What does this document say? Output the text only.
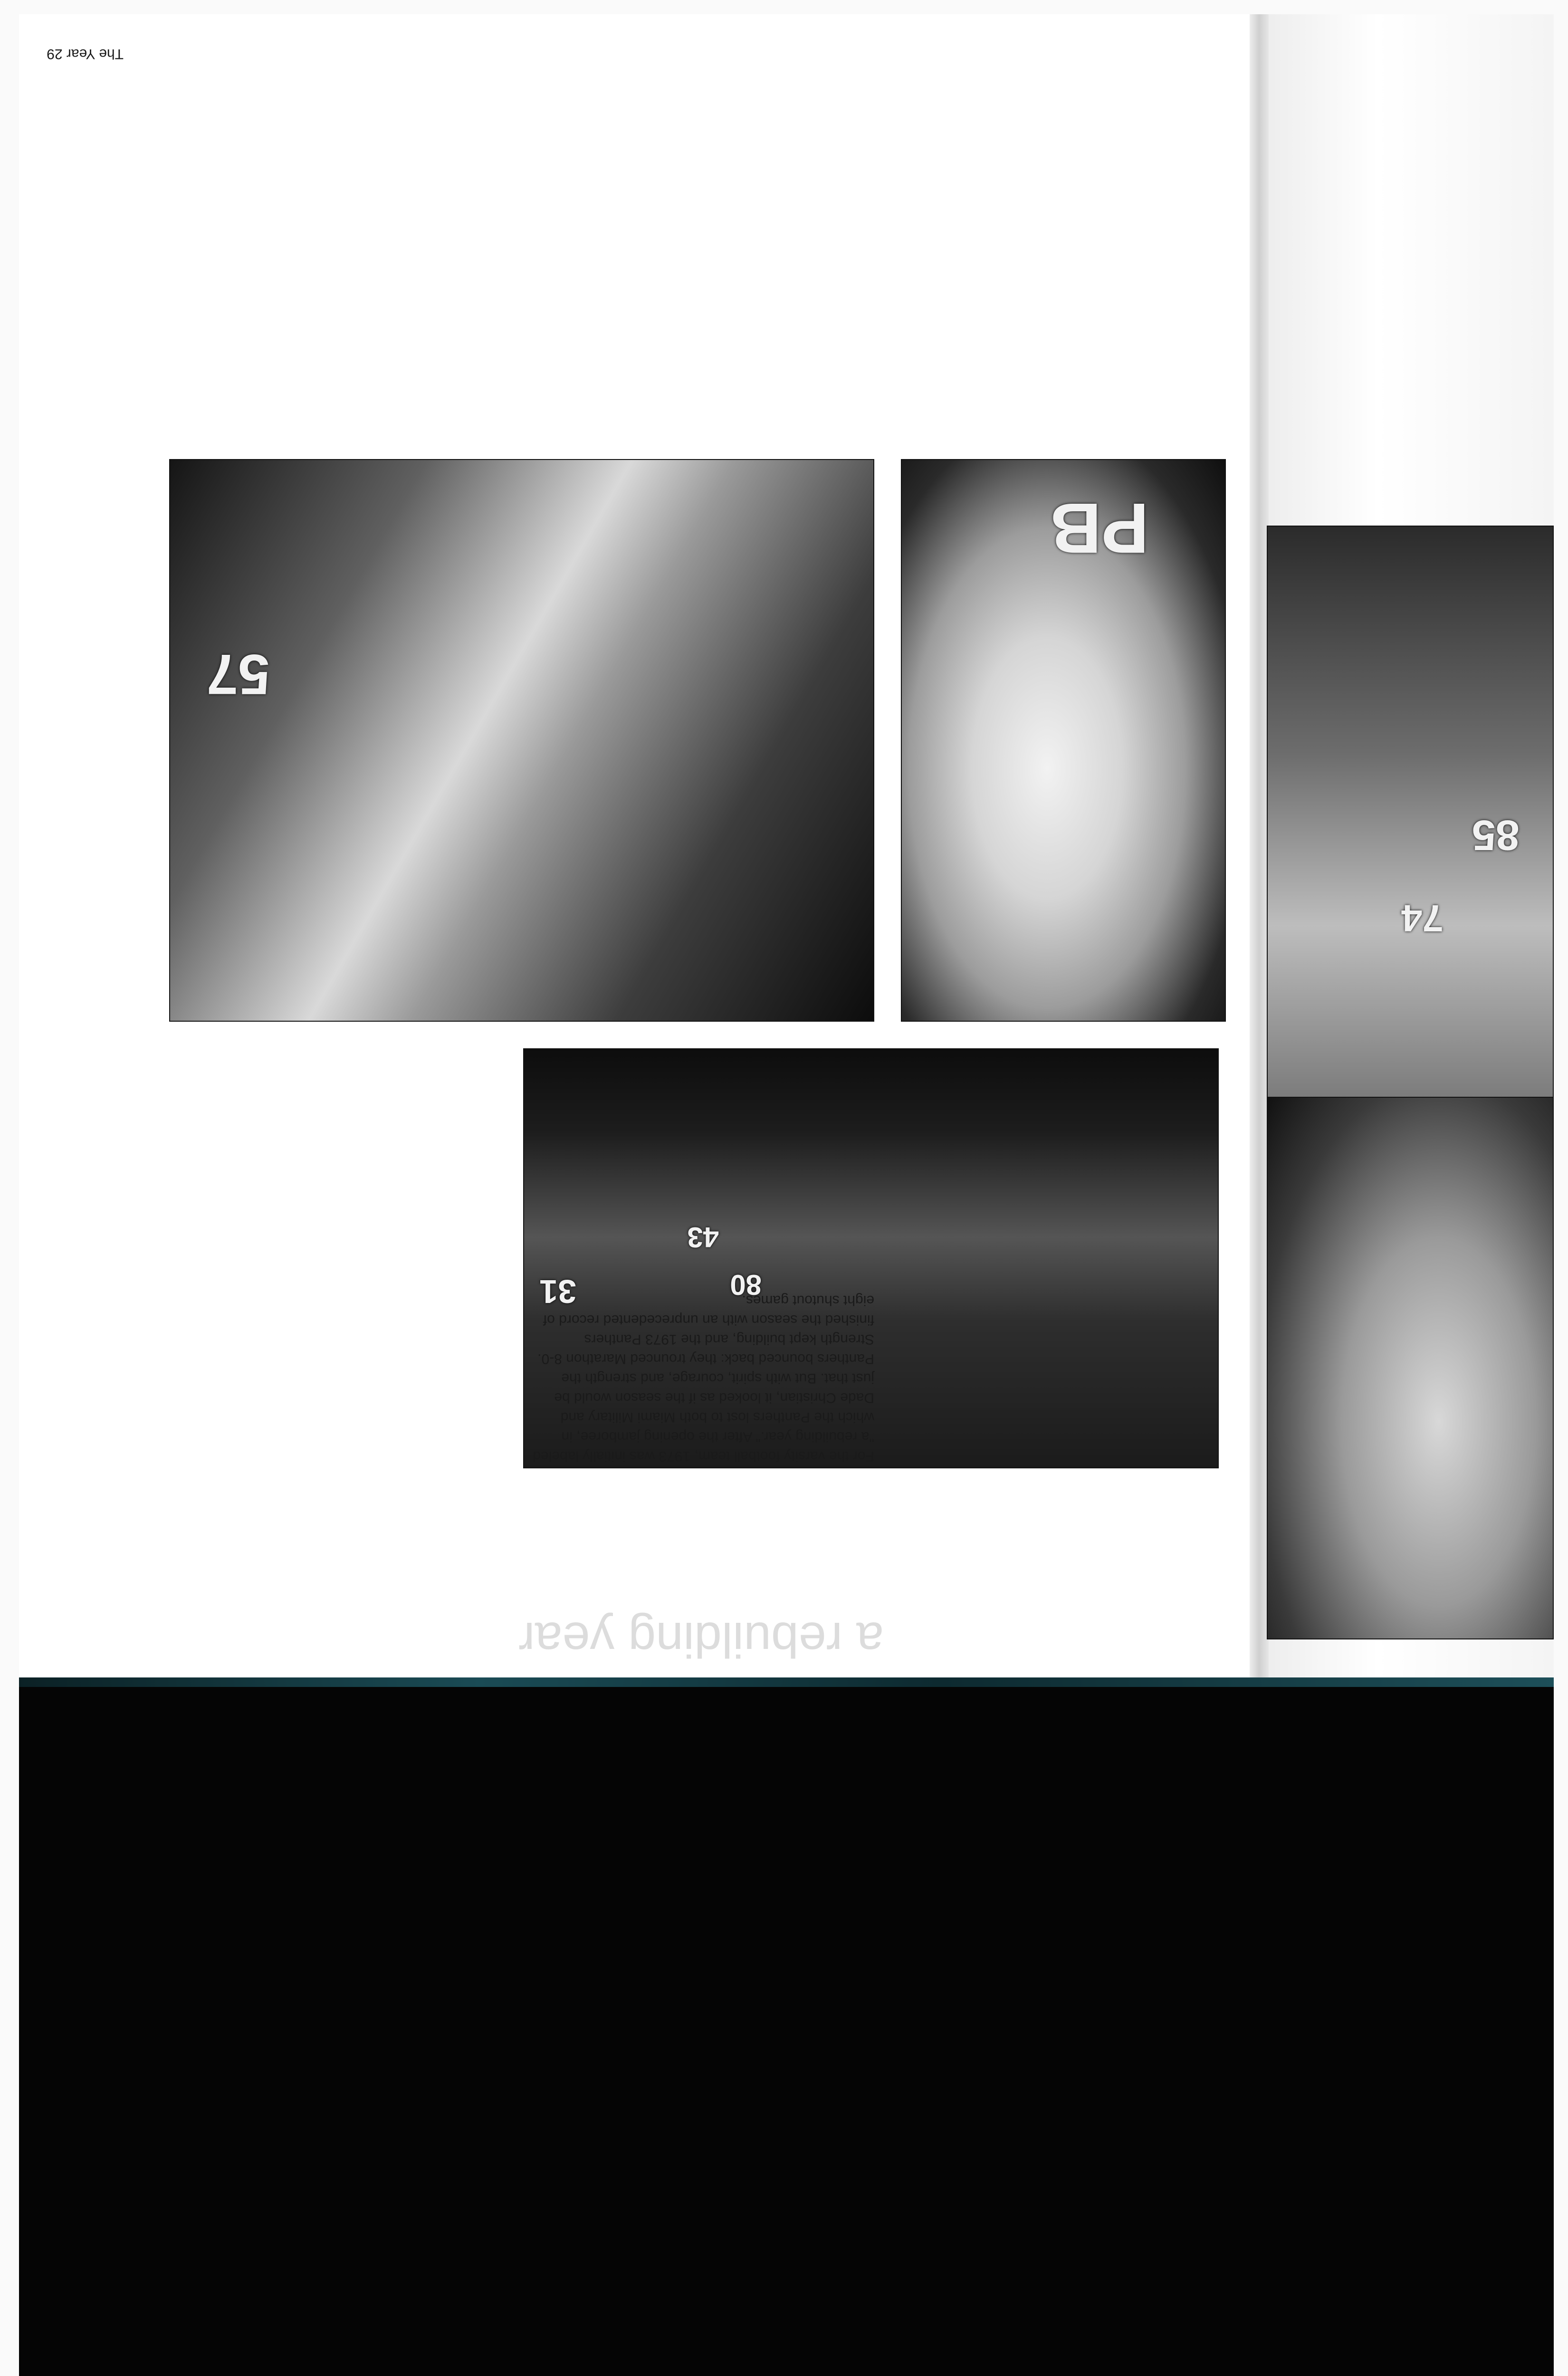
a rebuilding year
85
74
31
43
80
PB
57
For the varsity football team, 1973 was initially labeled "a rebuilding year." After the opening jamboree, in which the Panthers lost to both Miami Military and Dade Christian, it looked as if the season would be just that. But with spirit, courage, and strength the Panthers bounced back: they trounced Marathon 8-0. Strength kept building, and the 1973 Panthers finished the season with an unprecedented record of eight shutout games.
The Year 29
